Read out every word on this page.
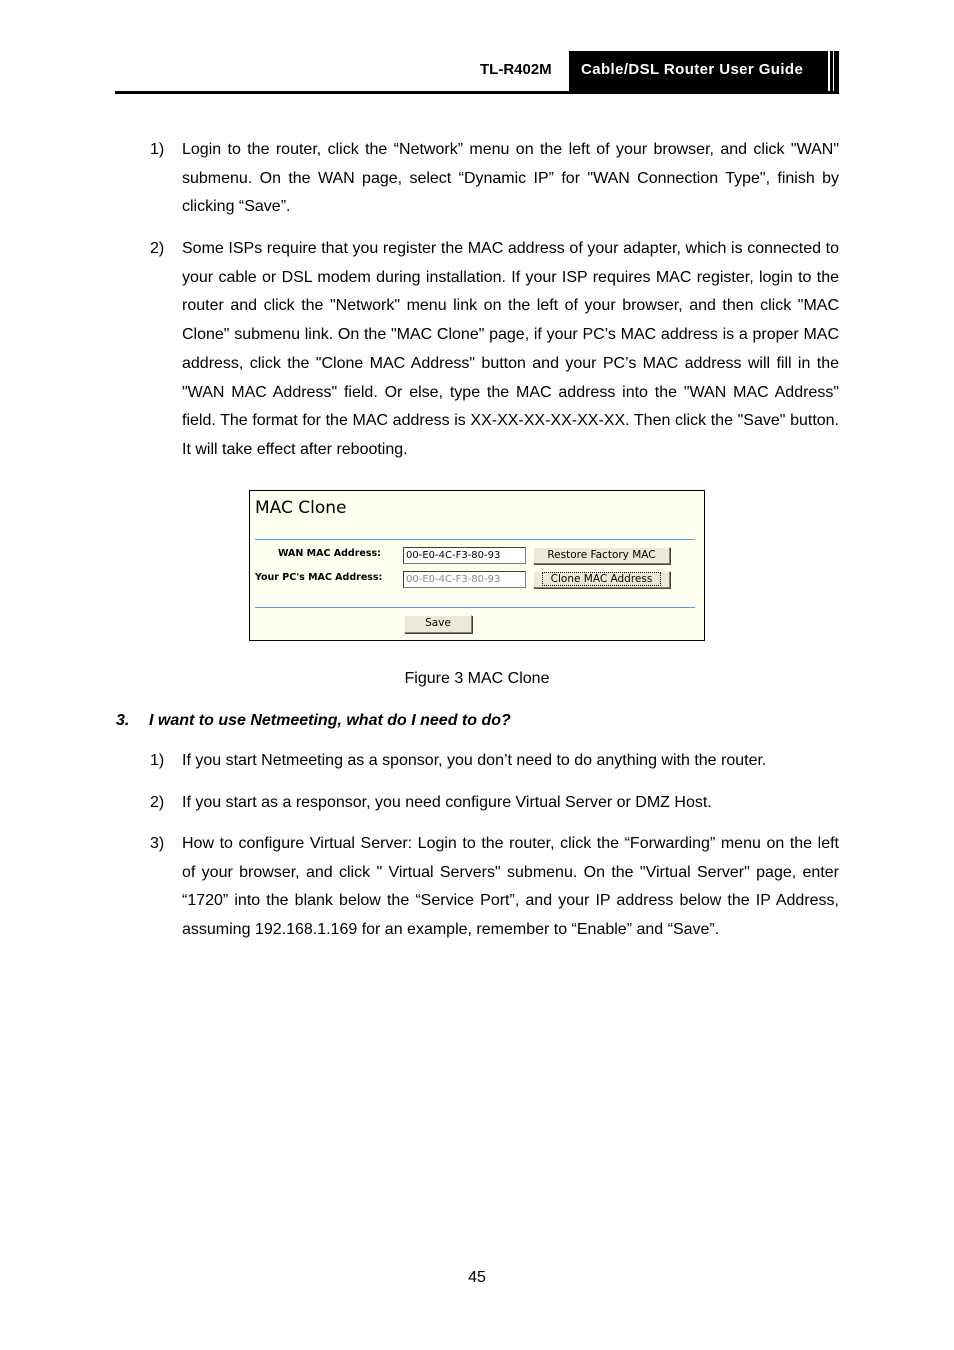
TL-R402M Cable/DSL Router User Guide
1) Login to the router, click the “Network” menu on the left of your browser, and click "WAN" submenu. On the WAN page, select “Dynamic IP” for "WAN Connection Type", finish by clicking “Save”.
2) Some ISPs require that you register the MAC address of your adapter, which is connected to your cable or DSL modem during installation. If your ISP requires MAC register, login to the router and click the "Network" menu link on the left of your browser, and then click "MAC Clone" submenu link. On the "MAC Clone" page, if your PC’s MAC address is a proper MAC address, click the "Clone MAC Address" button and your PC’s MAC address will fill in the "WAN MAC Address" field. Or else, type the MAC address into the "WAN MAC Address" field. The format for the MAC address is XX-XX-XX-XX-XX-XX. Then click the "Save" button. It will take effect after rebooting.
MAC Clone
WAN MAC Address:
00-E0-4C-F3-80-93	Restore Factory MAC
Your PC's MAC Address:
00-E0-4C-F3-80-93	Clone MAC Address
Save
Figure 3 MAC Clone
3. I want to use Netmeeting, what do I need to do?
1) If you start Netmeeting as a sponsor, you don’t need to do anything with the router.
2) If you start as a responsor, you need configure Virtual Server or DMZ Host.
3) How to configure Virtual Server: Login to the router, click the “Forwarding” menu on the left of your browser, and click " Virtual Servers" submenu. On the "Virtual Server" page, enter “1720” into the blank below the “Service Port”, and your IP address below the IP Address, assuming 192.168.1.169 for an example, remember to “Enable” and “Save”.
45
